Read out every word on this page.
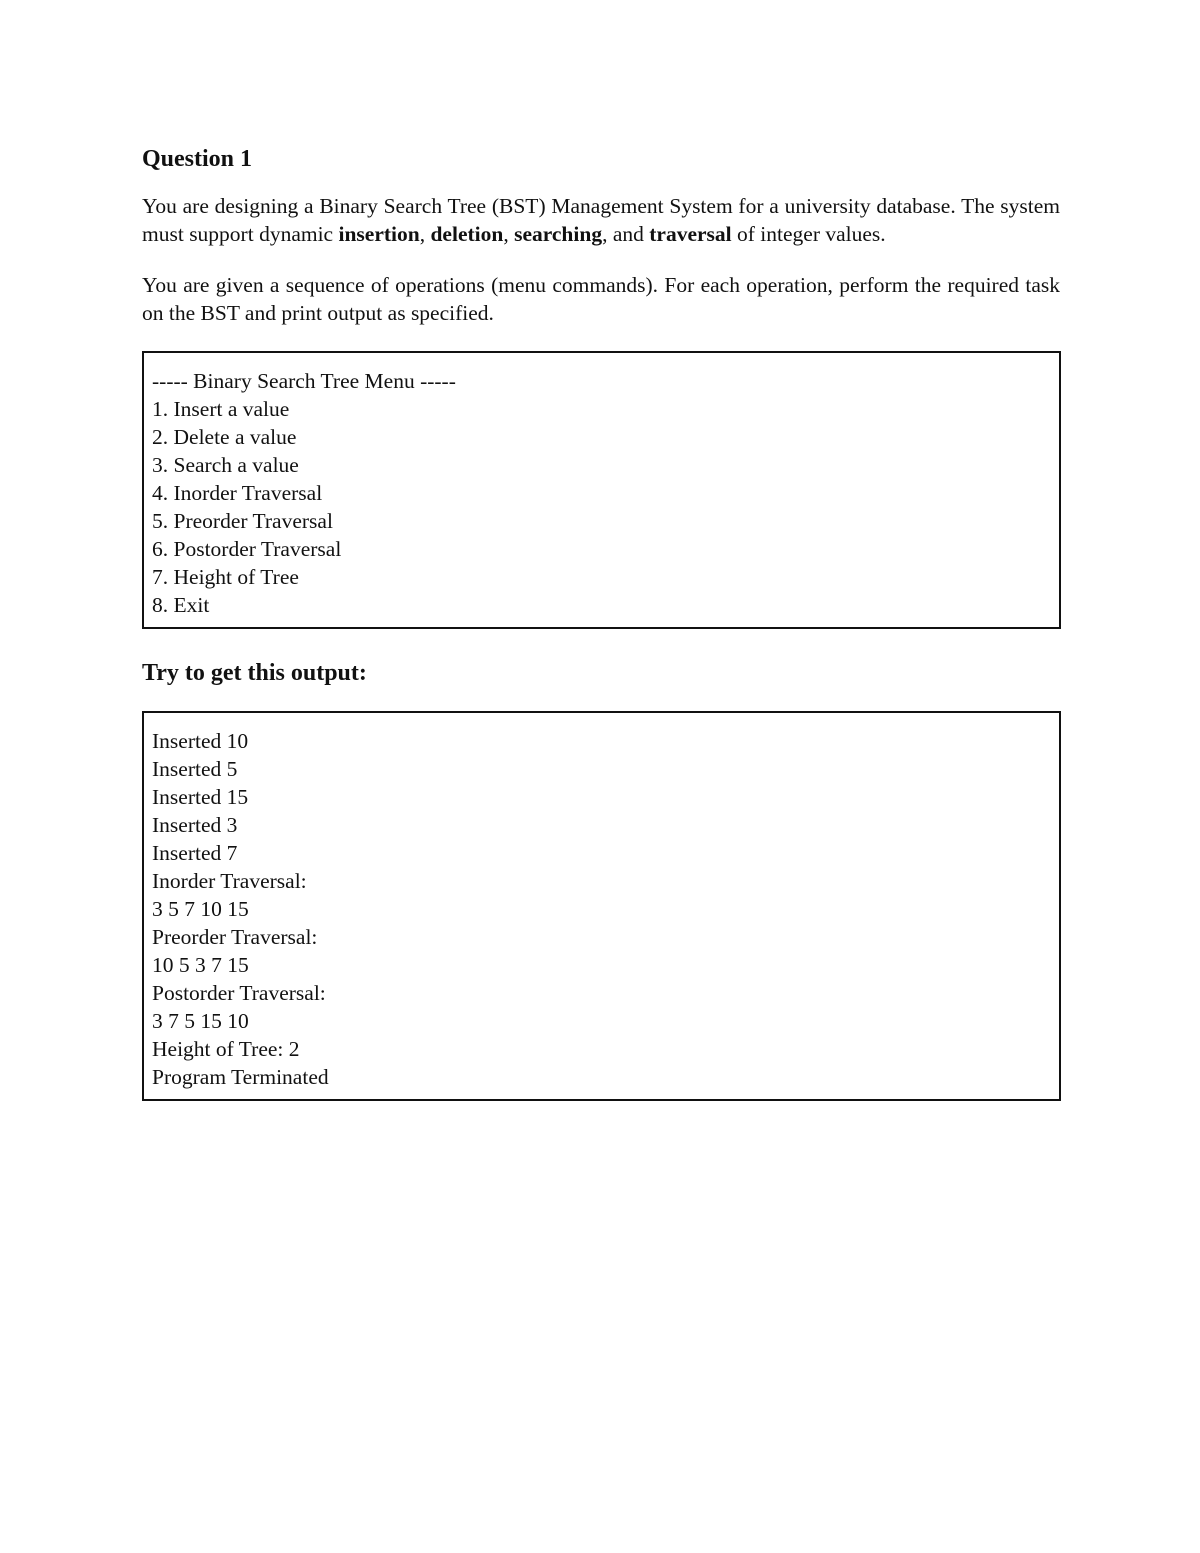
Question 1

You are designing a Binary Search Tree (BST) Management System for a university database. The system must support dynamic insertion, deletion, searching, and traversal of integer values.

You are given a sequence of operations (menu commands). For each operation, perform the required task on the BST and print output as specified.

----- Binary Search Tree Menu -----
1. Insert a value
2. Delete a value
3. Search a value
4. Inorder Traversal
5. Preorder Traversal
6. Postorder Traversal
7. Height of Tree
8. Exit
Try to get this output:
Inserted 10
Inserted 5
Inserted 15
Inserted 3
Inserted 7
Inorder Traversal:
3 5 7 10 15
Preorder Traversal:
10 5 3 7 15
Postorder Traversal:
3 7 5 15 10
Height of Tree: 2
Program Terminated
